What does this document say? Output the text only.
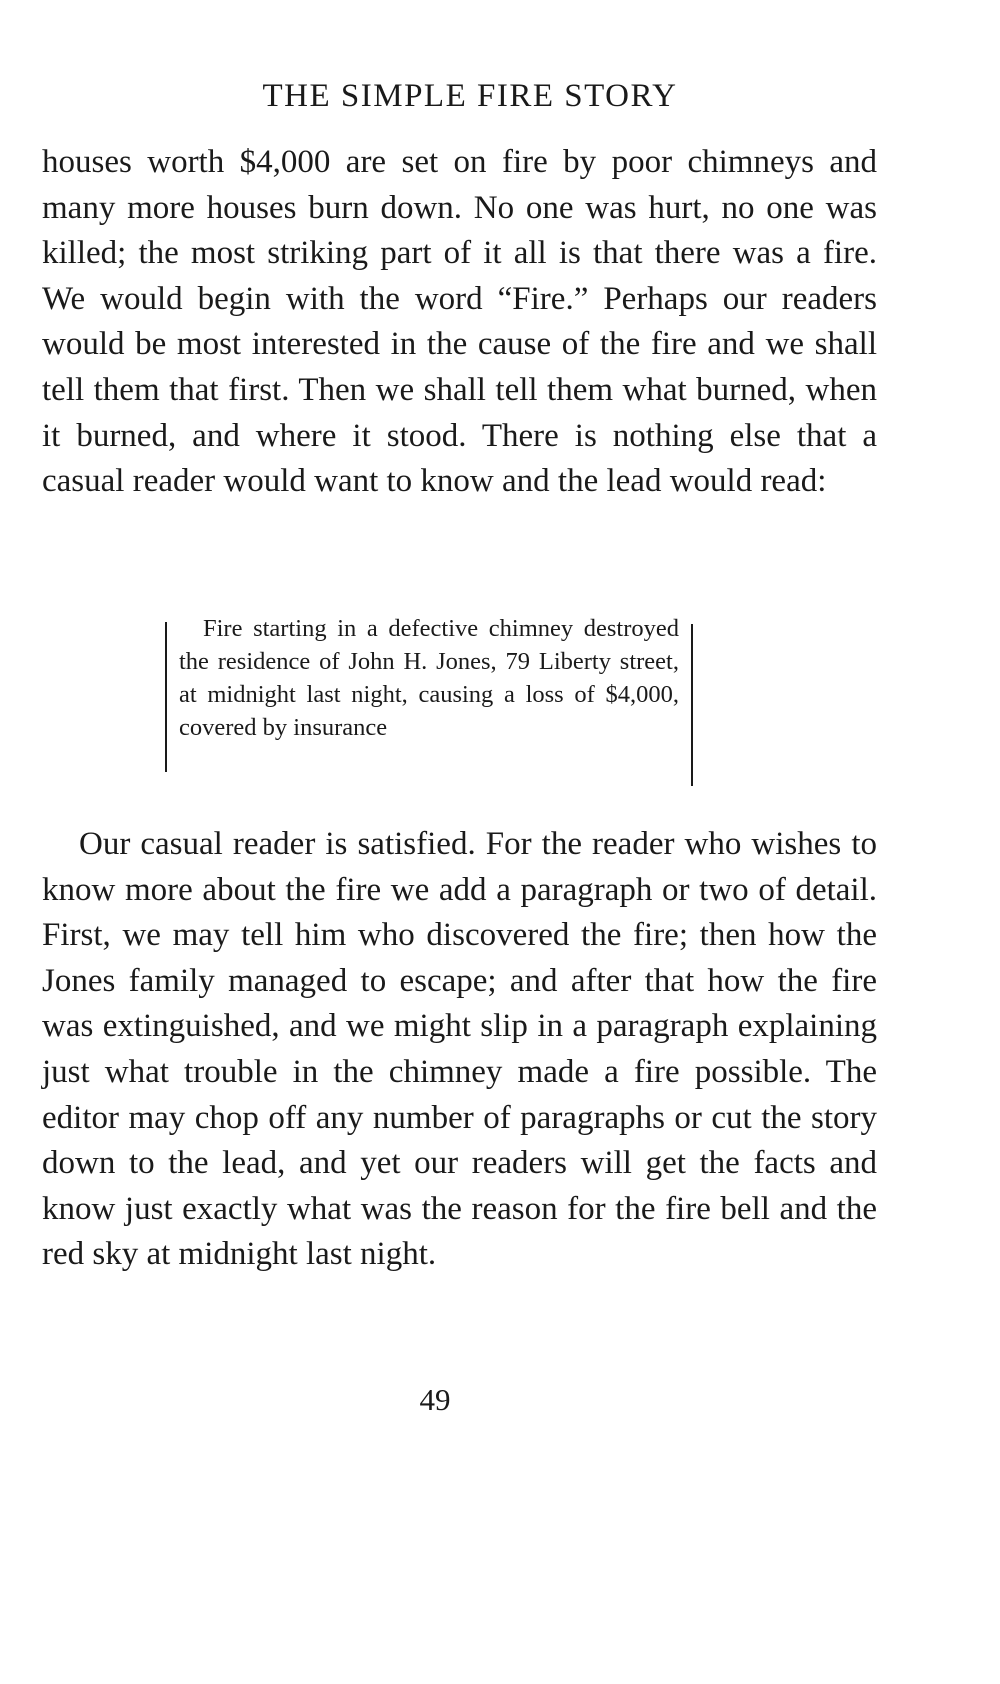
THE SIMPLE FIRE STORY

houses worth $4,000 are set on fire by poor chimneys and many more houses burn down. No one was hurt, no one was killed; the most striking part of it all is that there was a fire. We would begin with the word “Fire.” Perhaps our readers would be most interested in the cause of the fire and we shall tell them that first. Then we shall tell them what burned, when it burned, and where it stood. There is nothing else that a casual reader would want to know and the lead would read:

Fire starting in a defective chimney destroyed the residence of John H. Jones, 79 Liberty street, at midnight last night, causing a loss of $4,000, covered by insurance

Our casual reader is satisfied. For the reader who wishes to know more about the fire we add a paragraph or two of detail. First, we may tell him who discovered the fire; then how the Jones family managed to escape; and after that how the fire was extinguished, and we might slip in a paragraph explaining just what trouble in the chimney made a fire possible. The editor may chop off any number of paragraphs or cut the story down to the lead, and yet our readers will get the facts and know just exactly what was the reason for the fire bell and the red sky at midnight last night.

49
